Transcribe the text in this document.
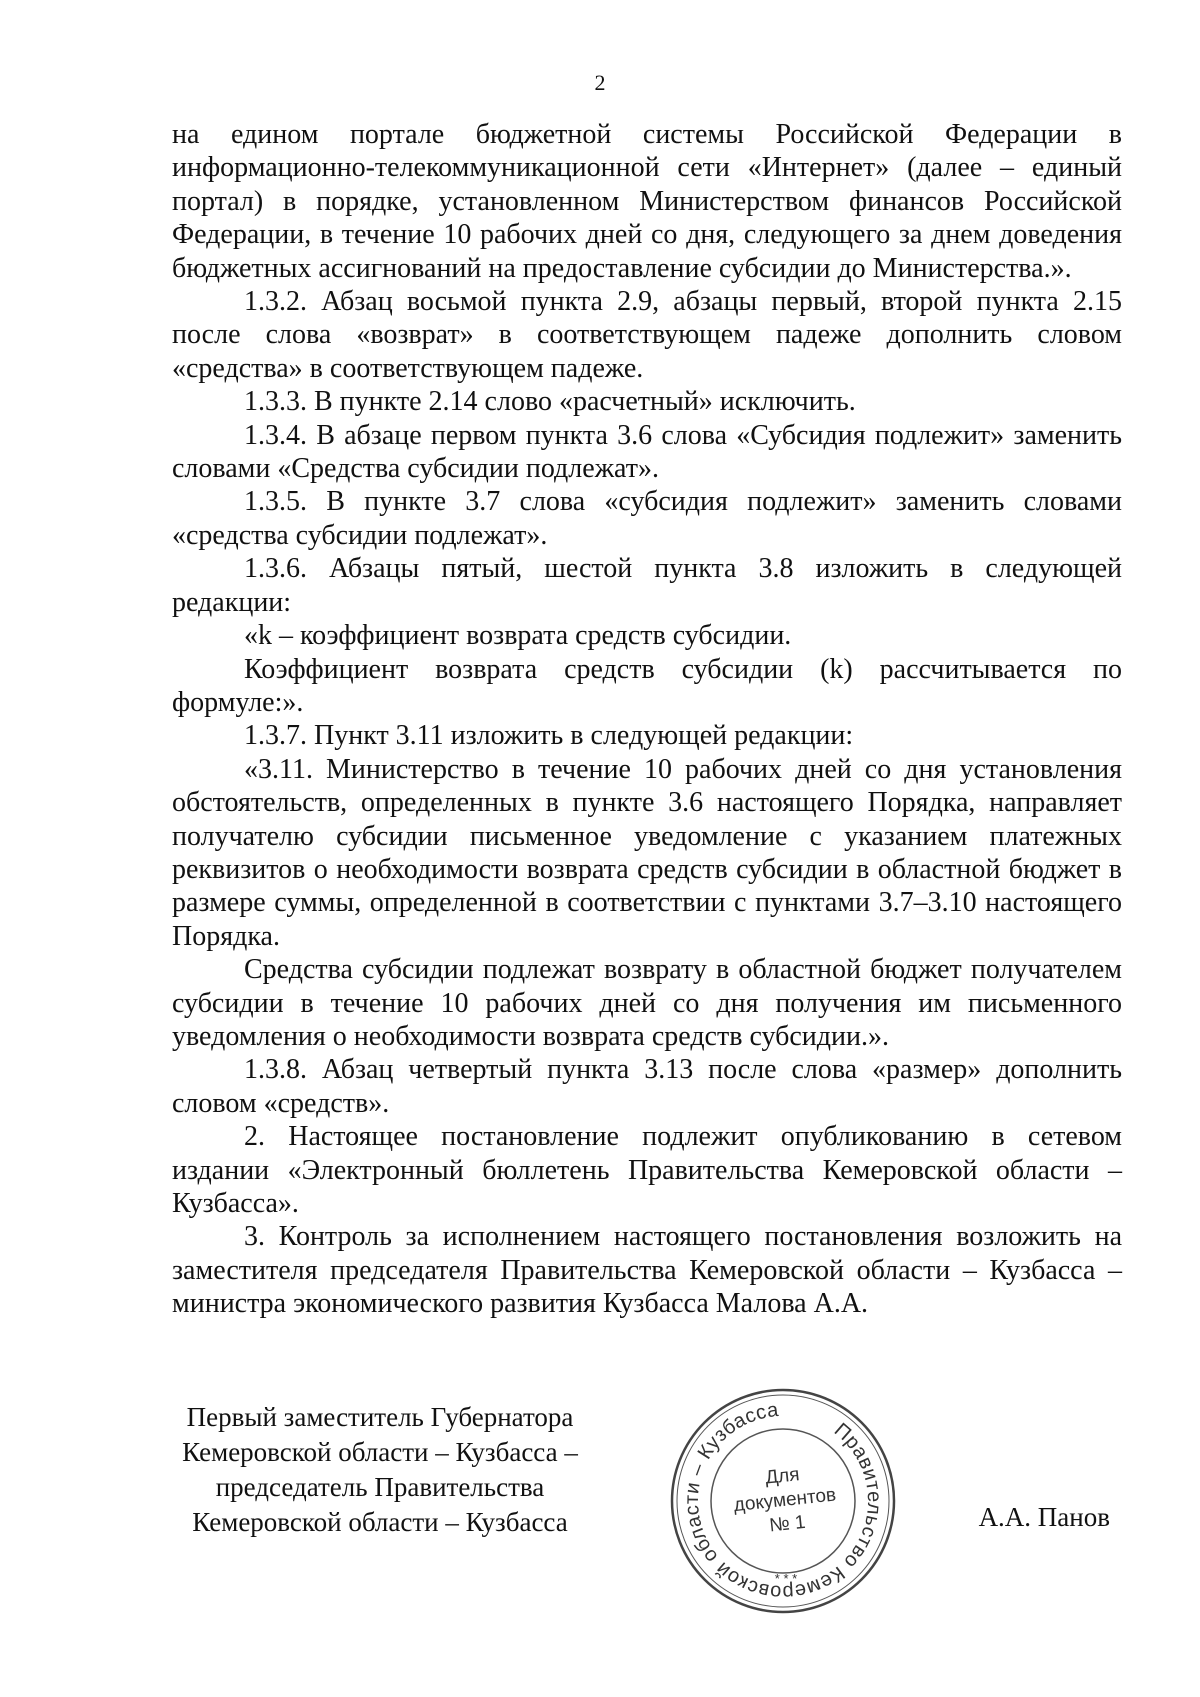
2

на едином портале бюджетной системы Российской Федерации в информационно-телекоммуникационной сети «Интернет» (далее – единый портал) в порядке, установленном Министерством финансов Российской Федерации, в течение 10 рабочих дней со дня, следующего за днем доведения бюджетных ассигнований на предоставление субсидии до Министерства.».

1.3.2. Абзац восьмой пункта 2.9, абзацы первый, второй пункта 2.15 после слова «возврат» в соответствующем падеже дополнить словом «средства» в соответствующем падеже.

1.3.3. В пункте 2.14 слово «расчетный» исключить.

1.3.4. В абзаце первом пункта 3.6 слова «Субсидия подлежит» заменить словами «Средства субсидии подлежат».

1.3.5. В пункте 3.7 слова «субсидия подлежит» заменить словами «средства субсидии подлежат».

1.3.6. Абзацы пятый, шестой пункта 3.8 изложить в следующей редакции:

«k – коэффициент возврата средств субсидии.

Коэффициент возврата средств субсидии (k) рассчитывается по формуле:».

1.3.7. Пункт 3.11 изложить в следующей редакции:

«3.11. Министерство в течение 10 рабочих дней со дня установления обстоятельств, определенных в пункте 3.6 настоящего Порядка, направляет получателю субсидии письменное уведомление с указанием платежных реквизитов о необходимости возврата средств субсидии в областной бюджет в размере суммы, определенной в соответствии с пунктами 3.7–3.10 настоящего Порядка.

Средства субсидии подлежат возврату в областной бюджет получателем субсидии в течение 10 рабочих дней со дня получения им письменного уведомления о необходимости возврата средств субсидии.».

1.3.8. Абзац четвертый пункта 3.13 после слова «размер» дополнить словом «средств».

2. Настоящее постановление подлежит опубликованию в сетевом издании «Электронный бюллетень Правительства Кемеровской области – Кузбасса».

3. Контроль за исполнением настоящего постановления возложить на заместителя председателя Правительства Кемеровской области – Кузбасса – министра экономического развития Кузбасса Малова А.А.

Первый заместитель Губернатора
Кемеровской области – Кузбасса –
председатель Правительства
Кемеровской области – Кузбасса	А.А. Панов
Правительство Кемеровской области – Кузбасса
* * *
Для
документов
№ 1
